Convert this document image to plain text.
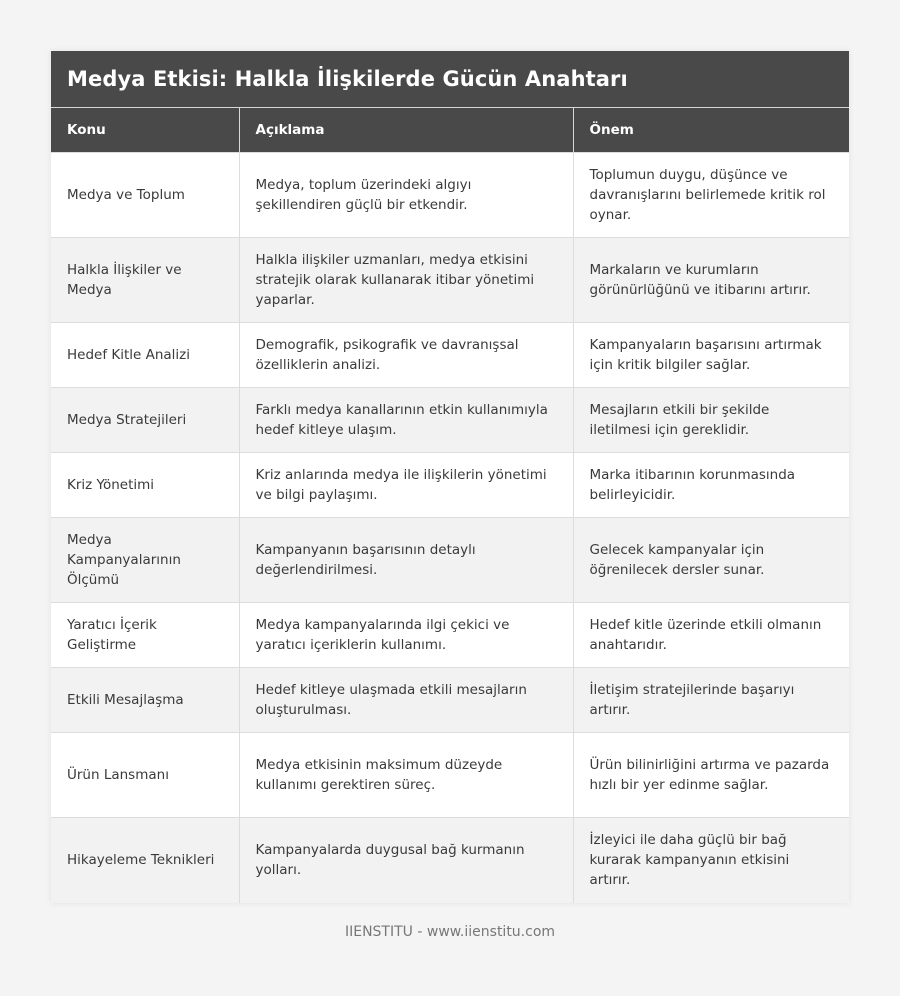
Medya Etkisi: Halkla İlişkilerde Gücün Anahtarı
Konu	Açıklama	Önem
Medya ve Toplum	Medya, toplum üzerindeki algıyı şekillendiren güçlü bir etkendir.	Toplumun duygu, düşünce ve davranışlarını belirlemede kritik rol oynar.
Halkla İlişkiler ve Medya	Halkla ilişkiler uzmanları, medya etkisini stratejik olarak kullanarak itibar yönetimi yaparlar.	Markaların ve kurumların görünürlüğünü ve itibarını artırır.
Hedef Kitle Analizi	Demografik, psikografik ve davranışsal özelliklerin analizi.	Kampanyaların başarısını artırmak için kritik bilgiler sağlar.
Medya Stratejileri	Farklı medya kanallarının etkin kullanımıyla hedef kitleye ulaşım.	Mesajların etkili bir şekilde iletilmesi için gereklidir.
Kriz Yönetimi	Kriz anlarında medya ile ilişkilerin yönetimi ve bilgi paylaşımı.	Marka itibarının korunmasında belirleyicidir.
Medya Kampanyalarının Ölçümü	Kampanyanın başarısının detaylı değerlendirilmesi.	Gelecek kampanyalar için öğrenilecek dersler sunar.
Yaratıcı İçerik Geliştirme	Medya kampanyalarında ilgi çekici ve yaratıcı içeriklerin kullanımı.	Hedef kitle üzerinde etkili olmanın anahtarıdır.
Etkili Mesajlaşma	Hedef kitleye ulaşmada etkili mesajların oluşturulması.	İletişim stratejilerinde başarıyı artırır.
Ürün Lansmanı	Medya etkisinin maksimum düzeyde kullanımı gerektiren süreç.	Ürün bilinirliğini artırma ve pazarda hızlı bir yer edinme sağlar.
Hikayeleme Teknikleri	Kampanyalarda duygusal bağ kurmanın yolları.	İzleyici ile daha güçlü bir bağ kurarak kampanyanın etkisini artırır.
IIENSTITU - www.iienstitu.com
